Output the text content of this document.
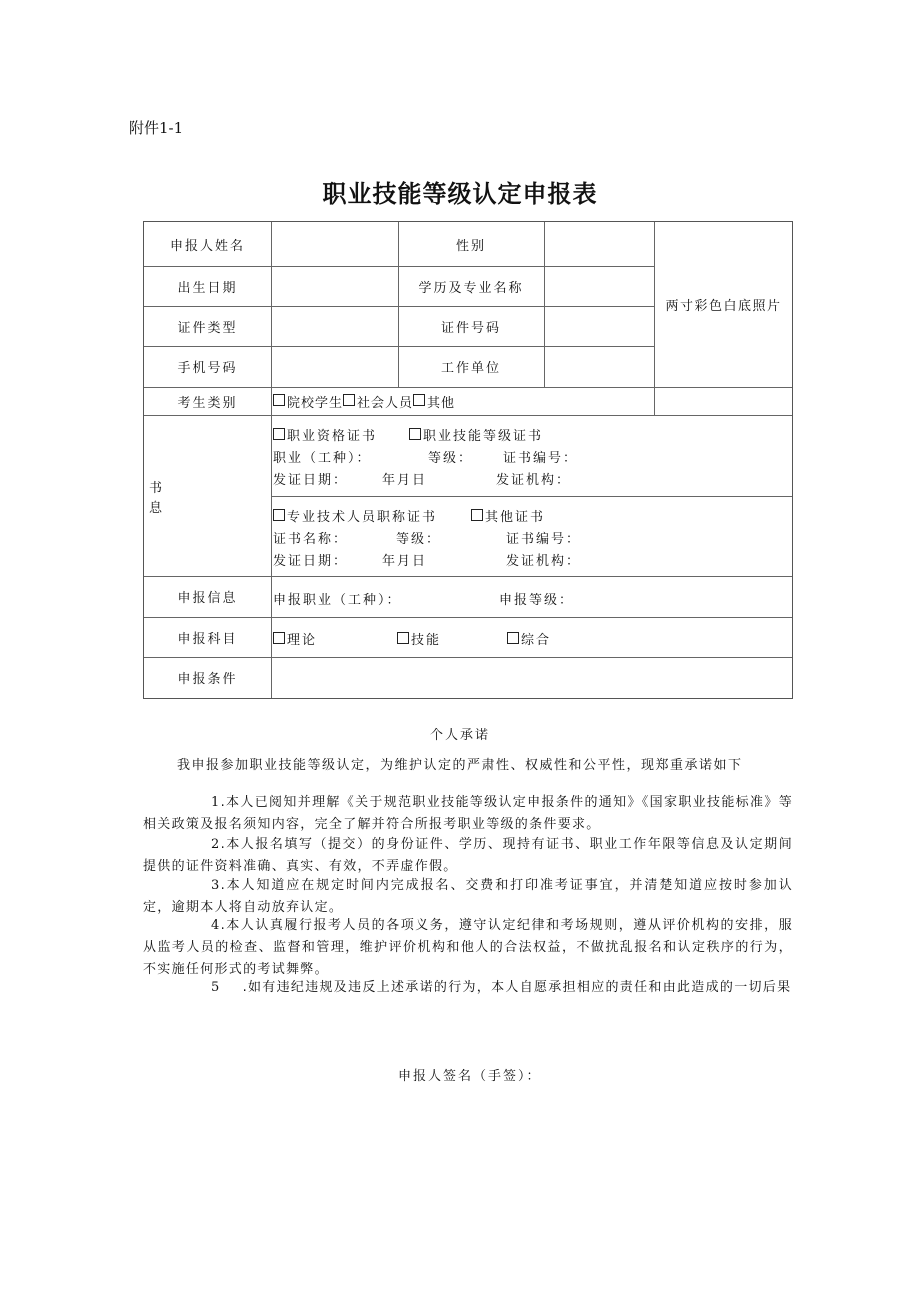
附件1-1
职业技能等级认定申报表
申报人姓名	性别
出生日期	学历及专业名称
证件类型	证件号码
手机号码	工作单位
两寸彩色白底照片
考生类别	院校学生 社会人员 其他
书
息
职业资格证书	职业技能等级证书
职业（工种）：	等级： 证书编号：
发证日期：	年月日	发证机构：
专业技术人员职称证书	其他证书
证书名称：	等级：	证书编号：
发证日期：	年月日	发证机构：
申报信息	申报职业（工种）：	申报等级：
申报科目	理论	技能	综合
申报条件
个人承诺
我申报参加职业技能等级认定，为维护认定的严肃性、权威性和公平性，现郑重承诺如下
1.本人已阅知并理解《关于规范职业技能等级认定申报条件的通知》《国家职业技能标准》等相关政策及报名须知内容，完全了解并符合所报考职业等级的条件要求。
2.本人报名填写（提交）的身份证件、学历、现持有证书、职业工作年限等信息及认定期间提供的证件资料准确、真实、有效，不弄虚作假。
3.本人知道应在规定时间内完成报名、交费和打印准考证事宜，并清楚知道应按时参加认定，逾期本人将自动放弃认定。
4.本人认真履行报考人员的各项义务，遵守认定纪律和考场规则，遵从评价机构的安排，服从监考人员的检查、监督和管理，维护评价机构和他人的合法权益，不做扰乱报名和认定秩序的行为，不实施任何形式的考试舞弊。
5 .如有违纪违规及违反上述承诺的行为，本人自愿承担相应的责任和由此造成的一切后果
申报人签名（手签）：
